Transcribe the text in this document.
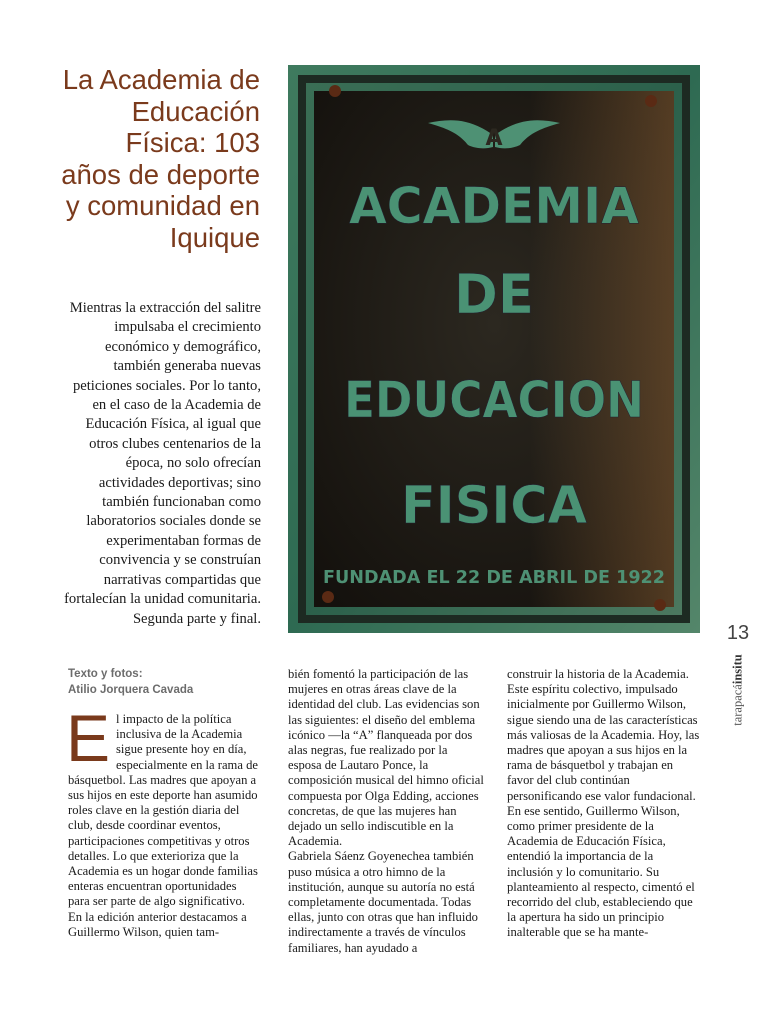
La Academia de Educación Física: 103 años de deporte y comunidad en Iquique
Mientras la extracción del salitre impulsaba el crecimiento económico y demográfico, también generaba nuevas peticiones sociales. Por lo tanto, en el caso de la Academia de Educación Física, al igual que otros clubes centenarios de la época, no solo ofrecían actividades deportivas; sino también funcionaban como laboratorios sociales donde se experimentaban formas de convivencia y se construían narrativas compartidas que fortalecían la unidad comunitaria. Segunda parte y final.
A
ACADEMIA
DE
EDUCACION
FISICA
FUNDADA EL 22 DE ABRIL DE 1922
13
tarapacáinsitu
Texto y fotos:
Atilio Jorquera Cavada

El impacto de la política inclusiva de la Academia sigue presente hoy en día, especialmente en la rama de básquetbol. Las madres que apoyan a sus hijos en este deporte han asumido roles clave en la gestión diaria del club, desde coordinar eventos, participaciones competitivas y otros detalles. Lo que exterioriza que la Academia es un hogar donde familias enteras encuentran oportunidades para ser parte de algo significativo.

En la edición anterior destacamos a Guillermo Wilson, quien tam-

bién fomentó la participación de las mujeres en otras áreas clave de la identidad del club. Las evidencias son las siguientes: el diseño del emblema icónico —la “A” flanqueada por dos alas negras, fue realizado por la esposa de Lautaro Ponce, la composición musical del himno oficial compuesta por Olga Edding, acciones concretas, de que las mujeres han dejado un sello indiscutible en la Academia.

Gabriela Sáenz Goyenechea también puso música a otro himno de la institución, aunque su autoría no está completamente documentada. Todas ellas, junto con otras que han influido indirectamente a través de vínculos familiares, han ayudado a

construir la historia de la Academia. Este espíritu colectivo, impulsado inicialmente por Guillermo Wilson, sigue siendo una de las características más valiosas de la Academia. Hoy, las madres que apoyan a sus hijos en la rama de básquetbol y trabajan en favor del club continúan personificando ese valor fundacional.

En ese sentido, Guillermo Wilson, como primer presidente de la Academia de Educación Física, entendió la importancia de la inclusión y lo comunitario. Su planteamiento al respecto, cimentó el recorrido del club, estableciendo que la apertura ha sido un principio inalterable que se ha mante-
